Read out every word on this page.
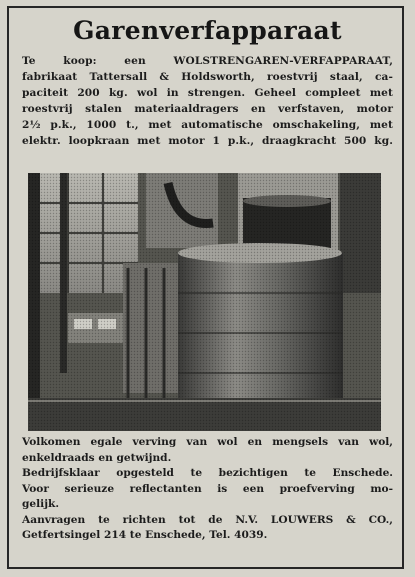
Garenverfapparaat
Te koop: een WOLSTRENGAREN-VERFAPPARAAT,
fabrikaat Tattersall & Holdsworth, roestvrij staal, ca-
paciteit 200 kg. wol in strengen. Geheel compleet met
roestvrij stalen materiaaldragers en verfstaven, motor
2½ p.k., 1000 t., met automatische omschakeling, met
elektr. loopkraan met motor 1 p.k., draagkracht 500 kg.
Volkomen egale verving van wol en mengsels van wol,
enkeldraads en getwijnd.
Bedrijfsklaar opgesteld te bezichtigen te Enschede.
Voor serieuze reflectanten is een proefverving mo-
gelijk.
Aanvragen te richten tot de N.V. LOUWERS & CO.,
Getfertsingel 214 te Enschede, Tel. 4039.
